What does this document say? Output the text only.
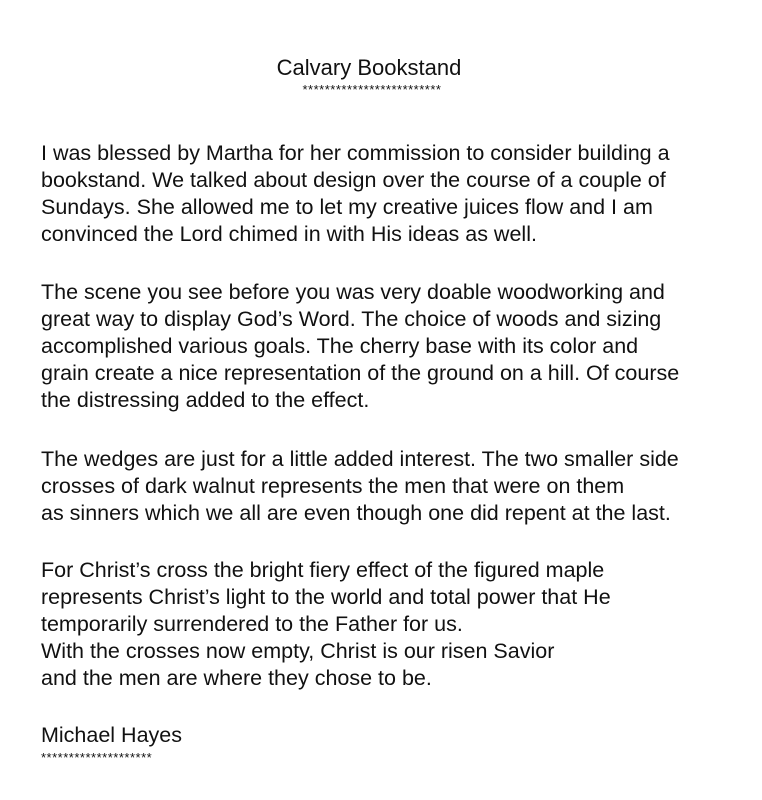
Calvary Bookstand
*************************
I was blessed by Martha for her commission to consider building a
bookstand. We talked about design over the course of a couple of
Sundays. She allowed me to let my creative juices flow and I am
convinced the Lord chimed in with His ideas as well.
The scene you see before you was very doable woodworking and
great way to display God’s Word. The choice of woods and sizing
accomplished various goals. The cherry base with its color and
grain create a nice representation of the ground on a hill. Of course
the distressing added to the effect.
The wedges are just for a little added interest. The two smaller side
crosses of dark walnut represents the men that were on them
as sinners which we all are even though one did repent at the last.
For Christ’s cross the bright fiery effect of the figured maple
represents Christ’s light to the world and total power that He
temporarily surrendered to the Father for us.
With the crosses now empty, Christ is our risen Savior
and the men are where they chose to be.
Michael Hayes
********************
